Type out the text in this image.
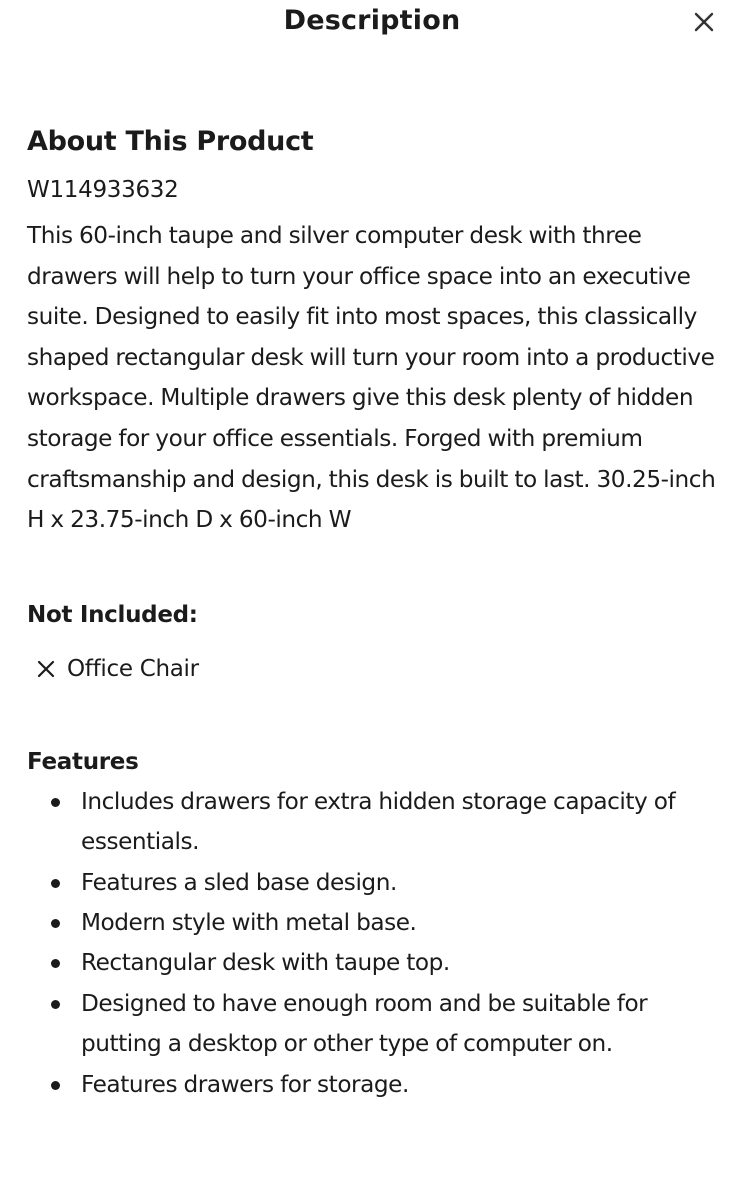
Description
About This Product
W114933632
This 60-inch taupe and silver computer desk with three drawers will help to turn your office space into an executive suite. Designed to easily fit into most spaces, this classically shaped rectangular desk will turn your room into a productive workspace. Multiple drawers give this desk plenty of hidden storage for your office essentials. Forged with premium craftsmanship and design, this desk is built to last. 30.25-inch H x 23.75-inch D x 60-inch W
Not Included:
Office Chair
Features
Includes drawers for extra hidden storage capacity of essentials.
Features a sled base design.
Modern style with metal base.
Rectangular desk with taupe top.
Designed to have enough room and be suitable for putting a desktop or other type of computer on.
Features drawers for storage.
